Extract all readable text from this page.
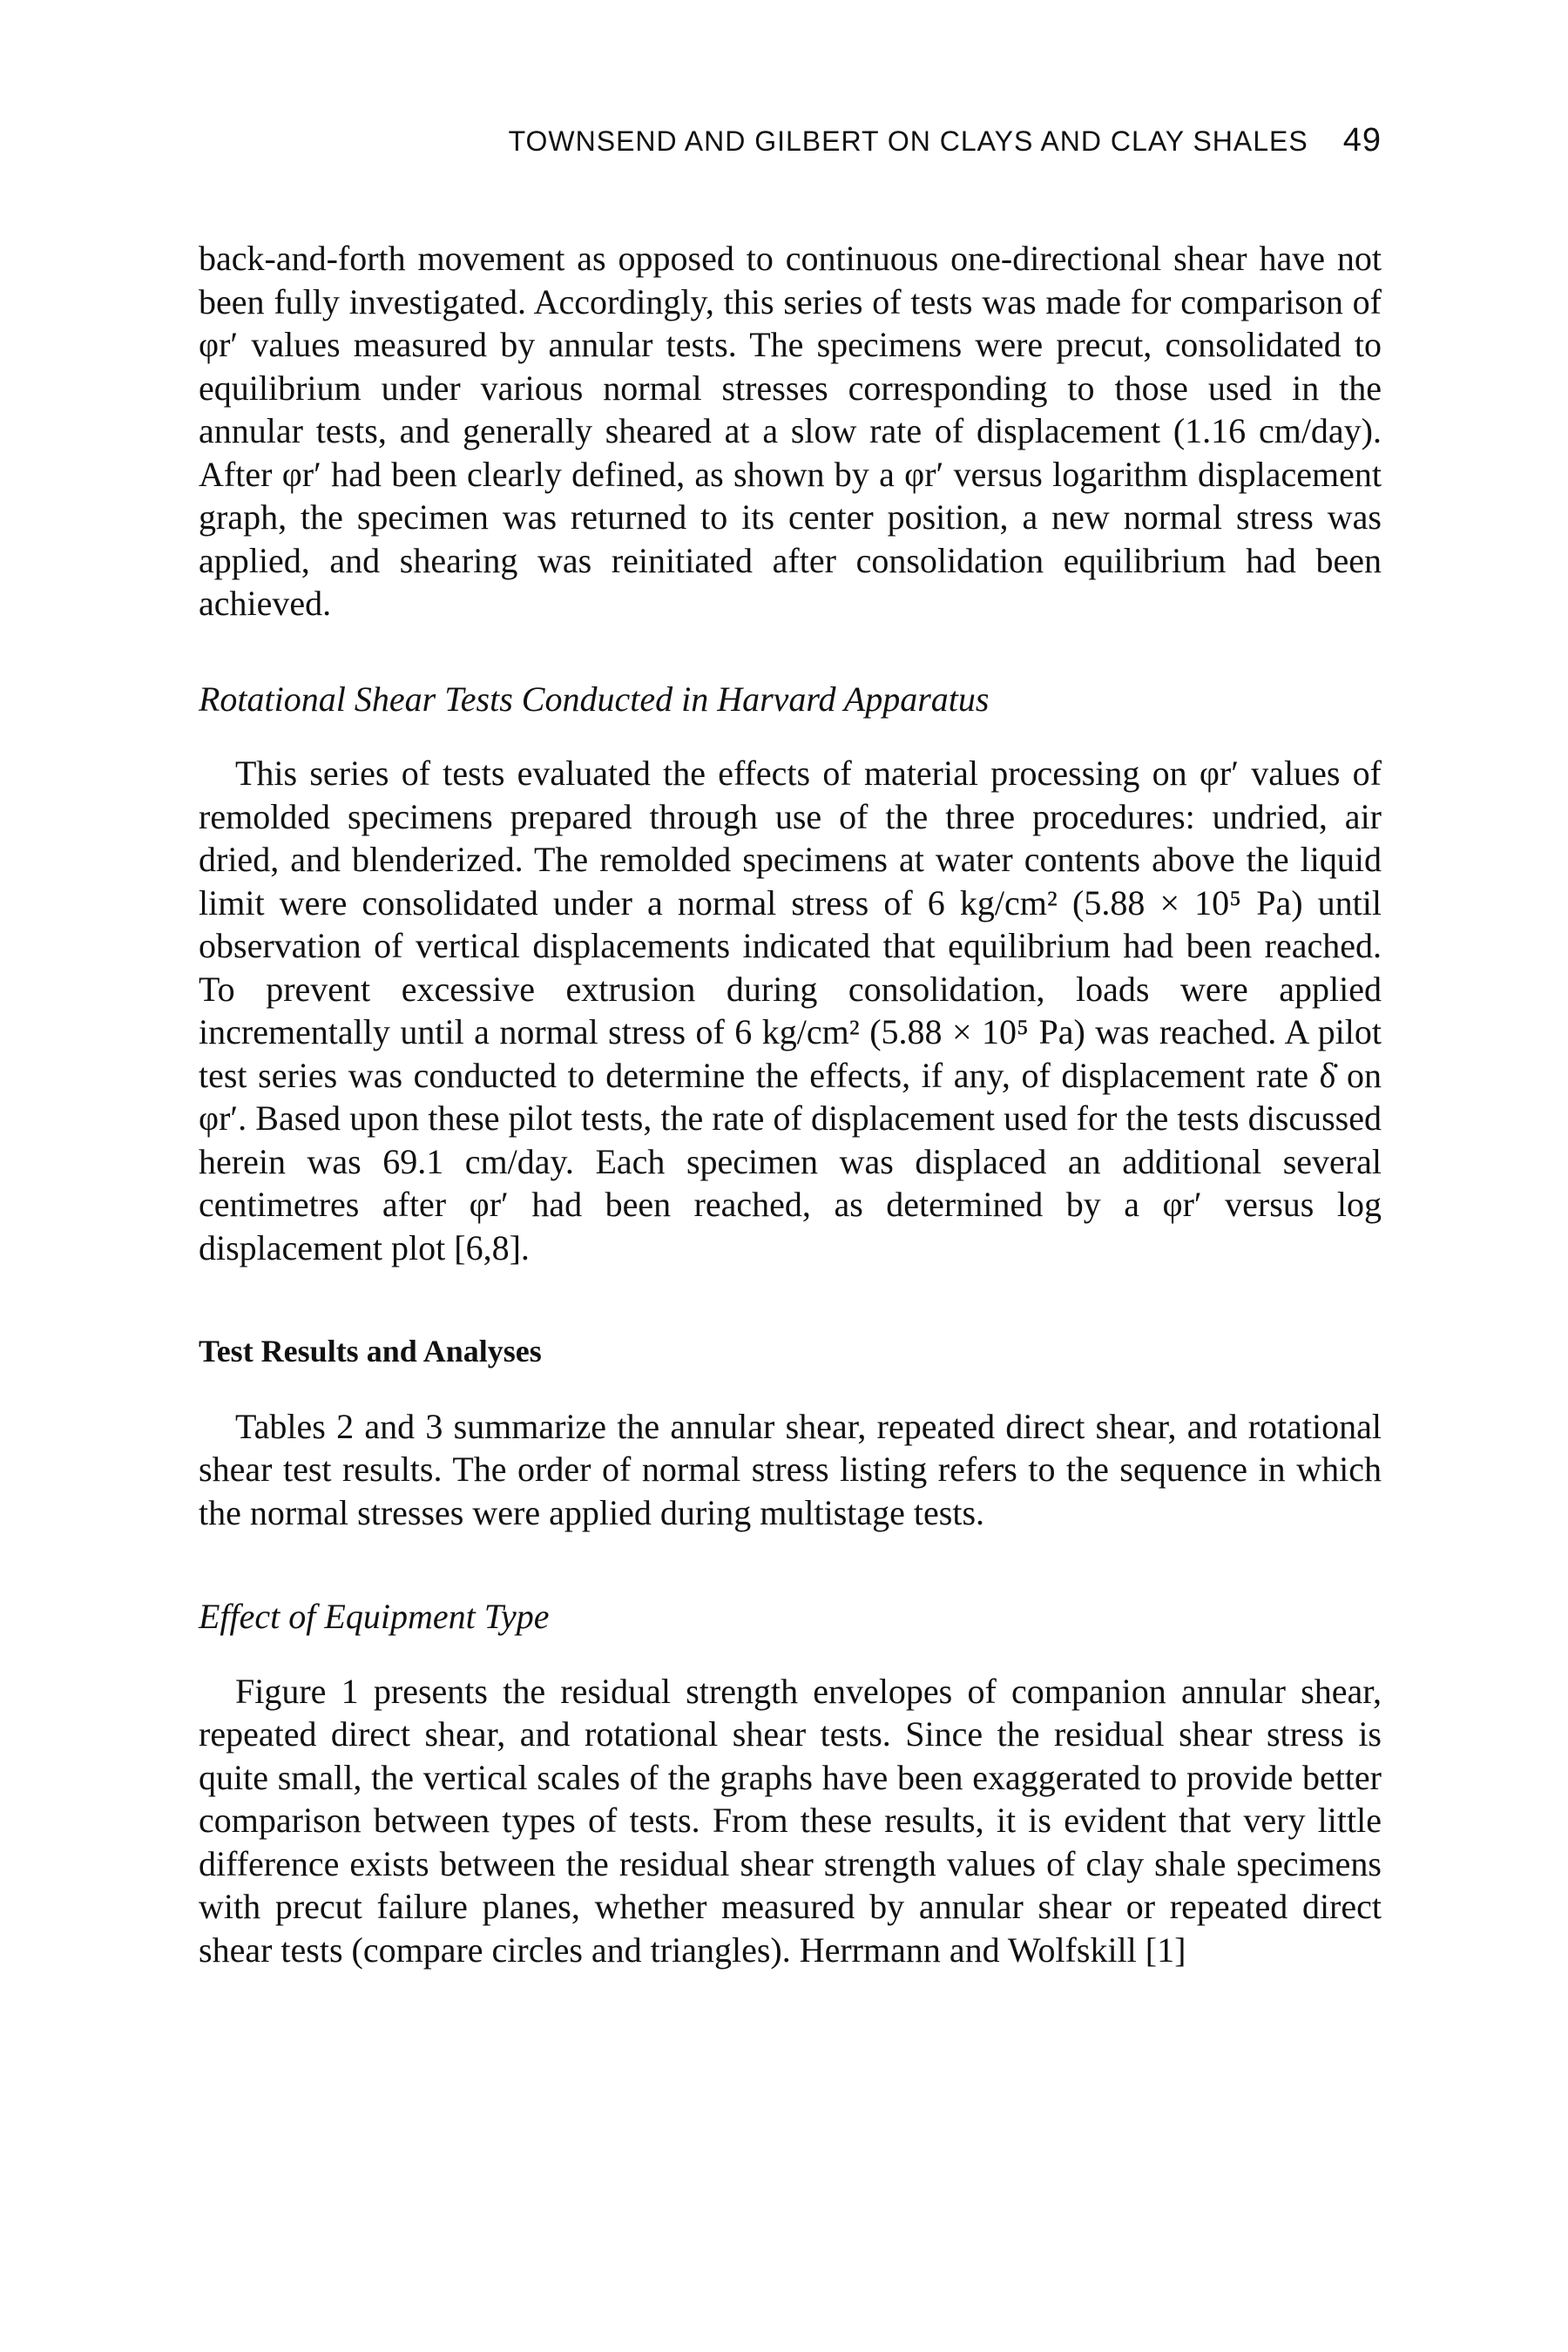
TOWNSEND AND GILBERT ON CLAYS AND CLAY SHALES 49

back-and-forth movement as opposed to continuous one-directional shear have not been fully investigated. Accordingly, this series of tests was made for comparison of φr′ values measured by annular tests. The specimens were precut, consolidated to equilibrium under various normal stresses corresponding to those used in the annular tests, and generally sheared at a slow rate of displacement (1.16 cm/day). After φr′ had been clearly defined, as shown by a φr′ versus logarithm displacement graph, the specimen was returned to its center position, a new normal stress was applied, and shearing was reinitiated after consolidation equilibrium had been achieved.

Rotational Shear Tests Conducted in Harvard Apparatus

This series of tests evaluated the effects of material processing on φr′ values of remolded specimens prepared through use of the three procedures: undried, air dried, and blenderized. The remolded specimens at water contents above the liquid limit were consolidated under a normal stress of 6 kg/cm² (5.88 × 10⁵ Pa) until observation of vertical displacements indicated that equilibrium had been reached. To prevent excessive extrusion during consolidation, loads were applied incrementally until a normal stress of 6 kg/cm² (5.88 × 10⁵ Pa) was reached. A pilot test series was conducted to determine the effects, if any, of displacement rate δ̇ on φr′. Based upon these pilot tests, the rate of displacement used for the tests discussed herein was 69.1 cm/day. Each specimen was displaced an additional several centimetres after φr′ had been reached, as determined by a φr′ versus log displacement plot [6,8].

Test Results and Analyses

Tables 2 and 3 summarize the annular shear, repeated direct shear, and rotational shear test results. The order of normal stress listing refers to the sequence in which the normal stresses were applied during multistage tests.

Effect of Equipment Type

Figure 1 presents the residual strength envelopes of companion annular shear, repeated direct shear, and rotational shear tests. Since the residual shear stress is quite small, the vertical scales of the graphs have been exaggerated to provide better comparison between types of tests. From these results, it is evident that very little difference exists between the residual shear strength values of clay shale specimens with precut failure planes, whether measured by annular shear or repeated direct shear tests (compare circles and triangles). Herrmann and Wolfskill [1]
